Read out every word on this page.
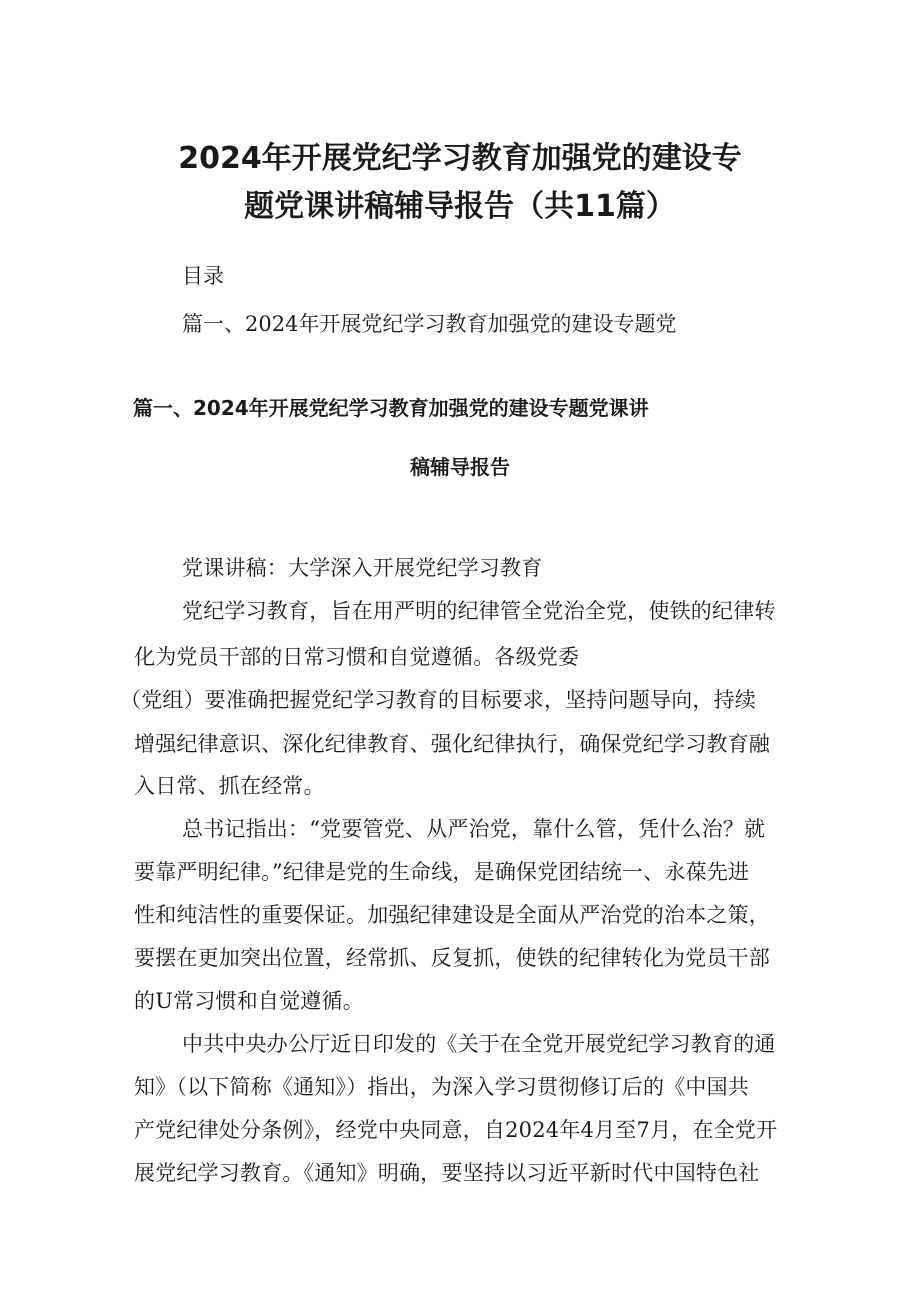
2024年开展党纪学习教育加强党的建设专
题党课讲稿辅导报告（共11篇）
目录
篇一、2024年开展党纪学习教育加强党的建设专题党
篇一、2024年开展党纪学习教育加强党的建设专题党课讲
稿辅导报告
党课讲稿：大学深入开展党纪学习教育
党纪学习教育，旨在用严明的纪律管全党治全党，使铁的纪律转
化为党员干部的日常习惯和自觉遵循。各级党委
（党组）要准确把握党纪学习教育的目标要求，坚持问题导向，持续
增强纪律意识、深化纪律教育、强化纪律执行，确保党纪学习教育融
入日常、抓在经常。
总书记指出：“党要管党、从严治党，靠什么管，凭什么治？就
要靠严明纪律。”纪律是党的生命线，是确保党团结统一、永葆先进
性和纯洁性的重要保证。加强纪律建设是全面从严治党的治本之策，
要摆在更加突出位置，经常抓、反复抓，使铁的纪律转化为党员干部
的U常习惯和自觉遵循。
中共中央办公厅近日印发的《关于在全党开展党纪学习教育的通
知》（以下简称《通知》）指出，为深入学习贯彻修订后的《中国共
产党纪律处分条例》，经党中央同意，自2024年4月至7月，在全党开
展党纪学习教育。《通知》明确，要坚持以习近平新时代中国特色社
